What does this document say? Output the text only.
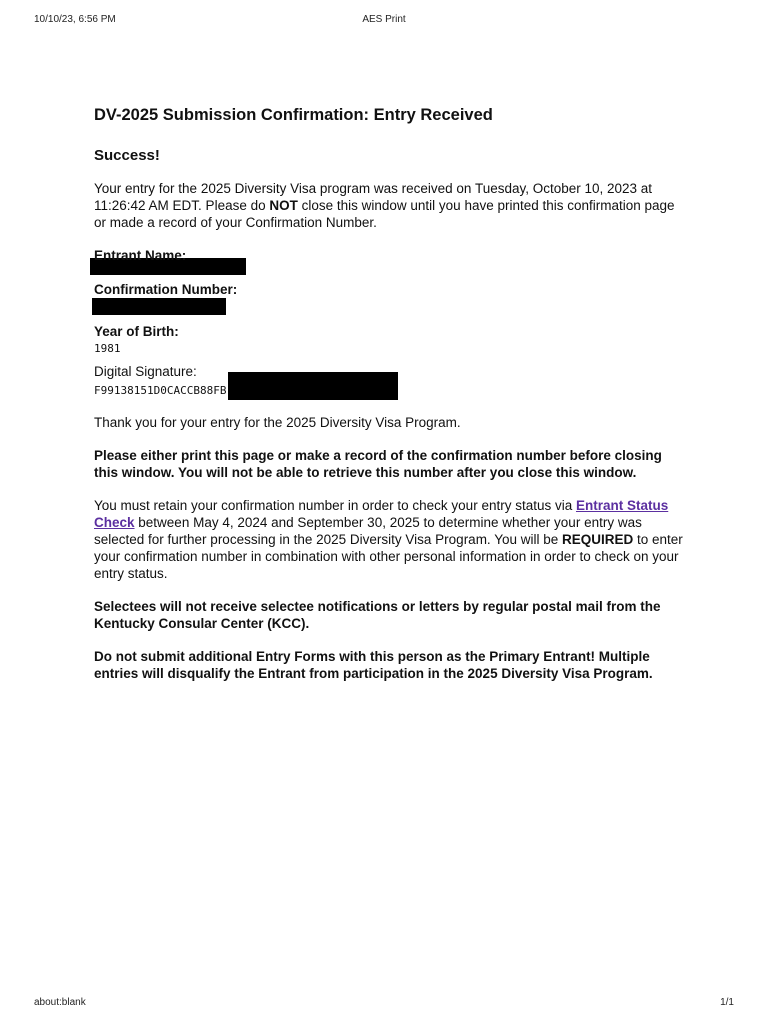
10/10/23, 6:56 PM	AES Print
DV-2025 Submission Confirmation: Entry Received
Success!

Your entry for the 2025 Diversity Visa program was received on Tuesday, October 10, 2023 at 11:26:42 AM EDT. Please do NOT close this window until you have printed this confirmation page or made a record of your Confirmation Number.

Entrant Name:
Confirmation Number:
Year of Birth:
1981
Digital Signature:
F99138151D0CACCB88FB

Thank you for your entry for the 2025 Diversity Visa Program.

Please either print this page or make a record of the confirmation number before closing this window. You will not be able to retrieve this number after you close this window.

You must retain your confirmation number in order to check your entry status via Entrant Status Check between May 4, 2024 and September 30, 2025 to determine whether your entry was selected for further processing in the 2025 Diversity Visa Program. You will be REQUIRED to enter your confirmation number in combination with other personal information in order to check on your entry status.

Selectees will not receive selectee notifications or letters by regular postal mail from the Kentucky Consular Center (KCC).

Do not submit additional Entry Forms with this person as the Primary Entrant! Multiple entries will disqualify the Entrant from participation in the 2025 Diversity Visa Program.

about:blank	1/1
